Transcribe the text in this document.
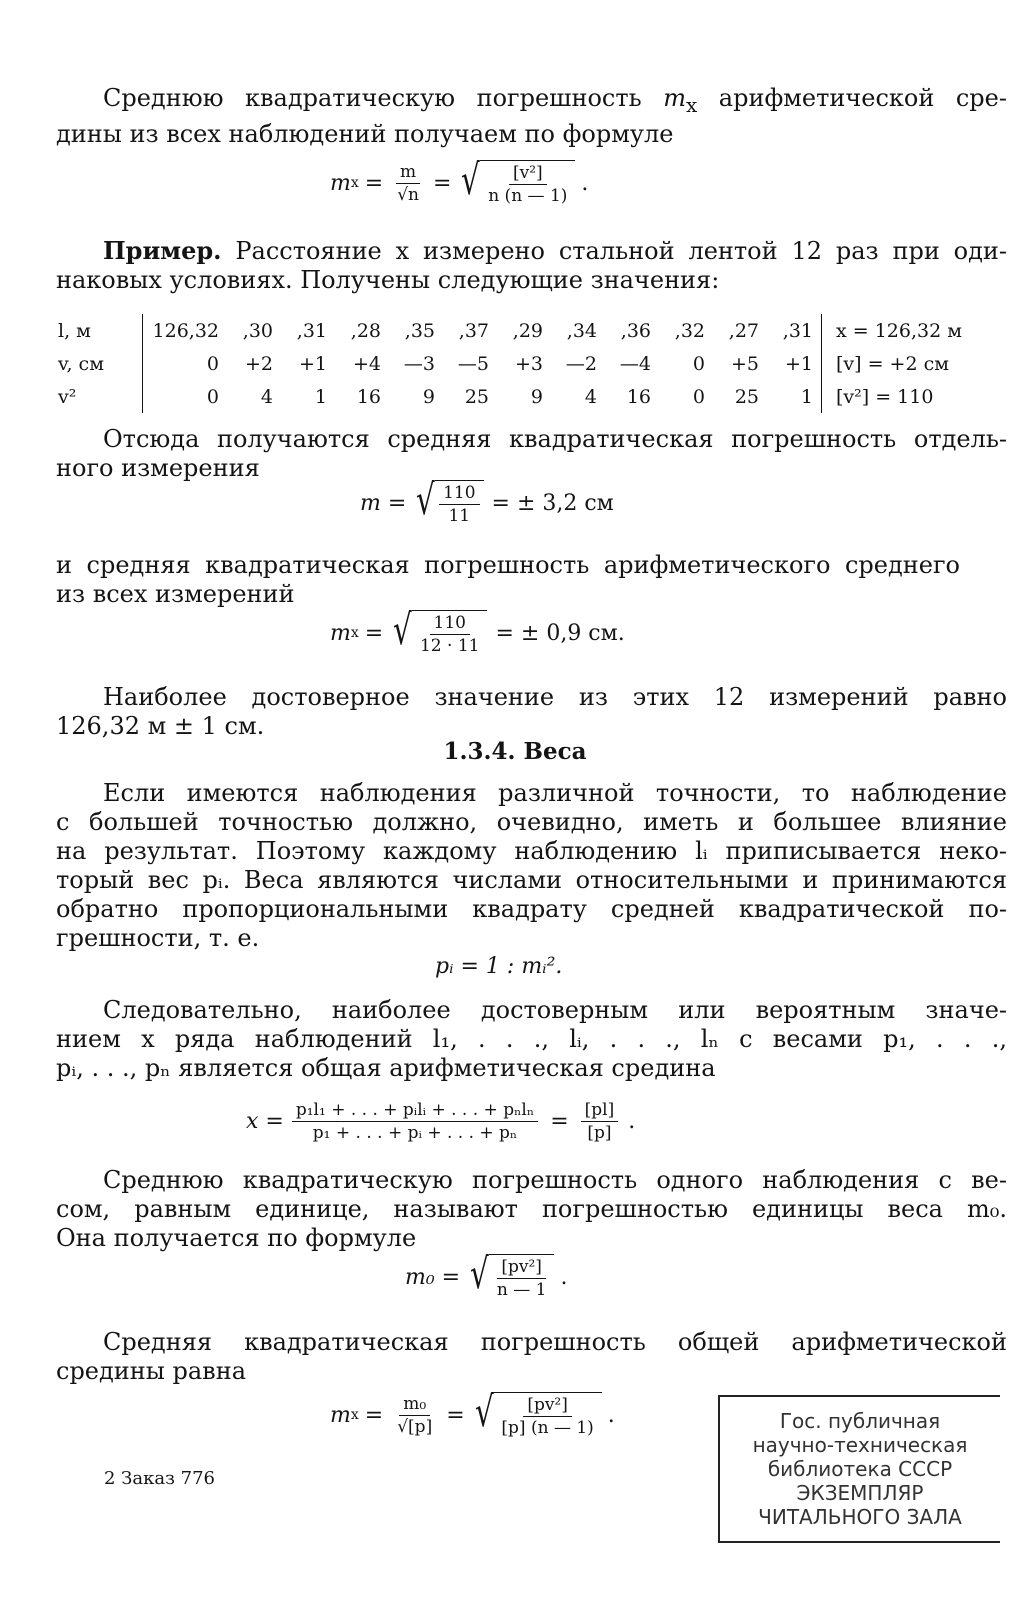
Среднюю квадратическую погрешность $m_x$ арифметической сре-
дины из всех наблюдений получаем по формуле

m $x = \frac{m}{√n}$ = √ $\frac{\text{[v²]}}{n (n — 1)}$ .

Пример. Расстояние x измерено стальной лентой 12 раз при оди-
наковых условиях. Получены следующие значения:

l, м	126,32	,30	,31	,28	,35	,37	,29	,34	,36	,32	,27	,31	x = 126,32 м
v, см	0	+2	+1	+4	—3	—5	+3	—2	—4	0	+5	+1	[v] = +2 см
v²	0	4	1	16	9	25	9	4	16	0	25	1	[v²] = 110

Отсюда получаются средняя квадратическая погрешность отдель-
ного измерения

m = √ $\frac{110}{11}$ = ± 3,2 см

и средняя квадратическая погрешность арифметического среднего
из всех измерений

m x = √ $\frac{110}{12 \cdot 11}$ = ± 0,9 см.

Наиболее достоверное значение из этих 12 измерений равно
126,32 м ± 1 см.

1.3.4. Веса

Если имеются наблюдения различной точности, то наблюдение
с большей точностью должно, очевидно, иметь и большее влияние
на результат. Поэтому каждому наблюдению lᵢ приписывается неко-
торый вес pᵢ. Веса являются числами относительными и принимаются
обратно пропорциональными квадрату средней квадратической по-
грешности, т. е.

pᵢ = 1 : mᵢ².

Следовательно, наиболее достоверным или вероятным значе-
нием x ряда наблюдений l₁, . . ., lᵢ, . . ., lₙ с весами p₁, . . .,
pᵢ, . . ., pₙ является общая арифметическая средина

$x = \frac{\text{p₁l₁ + . . . + pᵢlᵢ + . . . + pₙlₙ}}{\text{p₁ + . . . + pᵢ + . . . + pₙ}} = \frac{[pl]}{[p]}$ .

Среднюю квадратическую погрешность одного наблюдения с ве-
сом, равным единице, называют погрешностью единицы веса m₀.
Она получается по формуле

m₀ = √ $\frac{\text{[pv²]}}{n — 1}$ .

Средняя квадратическая погрешность общей арифметической
средины равна

m $x = \frac{\text{m₀}}{√[p]}$ = √ $\frac{\text{[pv²]}}{[p] (n — 1)}$ .
2 Заказ 776
Гос. публичная
научно-техническая
библиотека СССР
ЭКЗЕМПЛЯР
ЧИТАЛЬНОГО ЗАЛА
